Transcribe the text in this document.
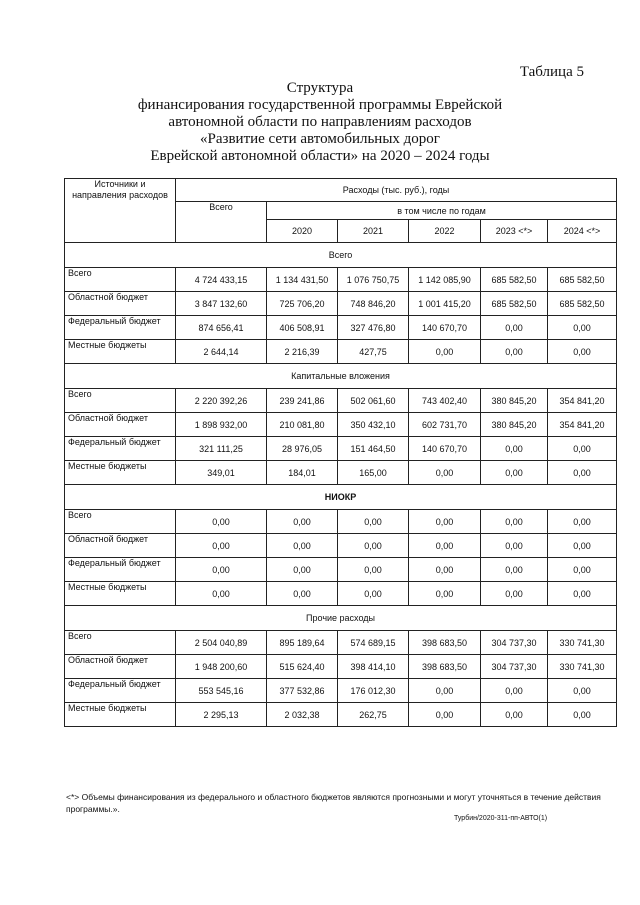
Таблица 5
Структура
финансирования государственной программы Еврейской
автономной области по направлениям расходов
«Развитие сети автомобильных дорог
Еврейской автономной области» на 2020 – 2024 годы
Источники и направления расходов	Расходы (тыс. руб.), годы					
	Всего	в том числе по годам				
		2020	2021	2022	2023 <*>	2024 <*>
Всего						
Всего	4 724 433,15	1 134 431,50	1 076 750,75	1 142 085,90	685 582,50	685 582,50
Областной бюджет	3 847 132,60	725 706,20	748 846,20	1 001 415,20	685 582,50	685 582,50
Федеральный бюджет	874 656,41	406 508,91	327 476,80	140 670,70	0,00	0,00
Местные бюджеты	2 644,14	2 216,39	427,75	0,00	0,00	0,00
Капитальные вложения						
Всего	2 220 392,26	239 241,86	502 061,60	743 402,40	380 845,20	354 841,20
Областной бюджет	1 898 932,00	210 081,80	350 432,10	602 731,70	380 845,20	354 841,20
Федеральный бюджет	321 111,25	28 976,05	151 464,50	140 670,70	0,00	0,00
Местные бюджеты	349,01	184,01	165,00	0,00	0,00	0,00
НИОКР						
Всего	0,00	0,00	0,00	0,00	0,00	0,00
Областной бюджет	0,00	0,00	0,00	0,00	0,00	0,00
Федеральный бюджет	0,00	0,00	0,00	0,00	0,00	0,00
Местные бюджеты	0,00	0,00	0,00	0,00	0,00	0,00
Прочие расходы						
Всего	2 504 040,89	895 189,64	574 689,15	398 683,50	304 737,30	330 741,30
Областной бюджет	1 948 200,60	515 624,40	398 414,10	398 683,50	304 737,30	330 741,30
Федеральный бюджет	553 545,16	377 532,86	176 012,30	0,00	0,00	0,00
Местные бюджеты	2 295,13	2 032,38	262,75	0,00	0,00	0,00
<*> Объемы финансирования из федерального и областного бюджетов являются прогнозными и могут уточняться в течение действия программы.».
Турбин/2020-311-пп-АВТО(1)
